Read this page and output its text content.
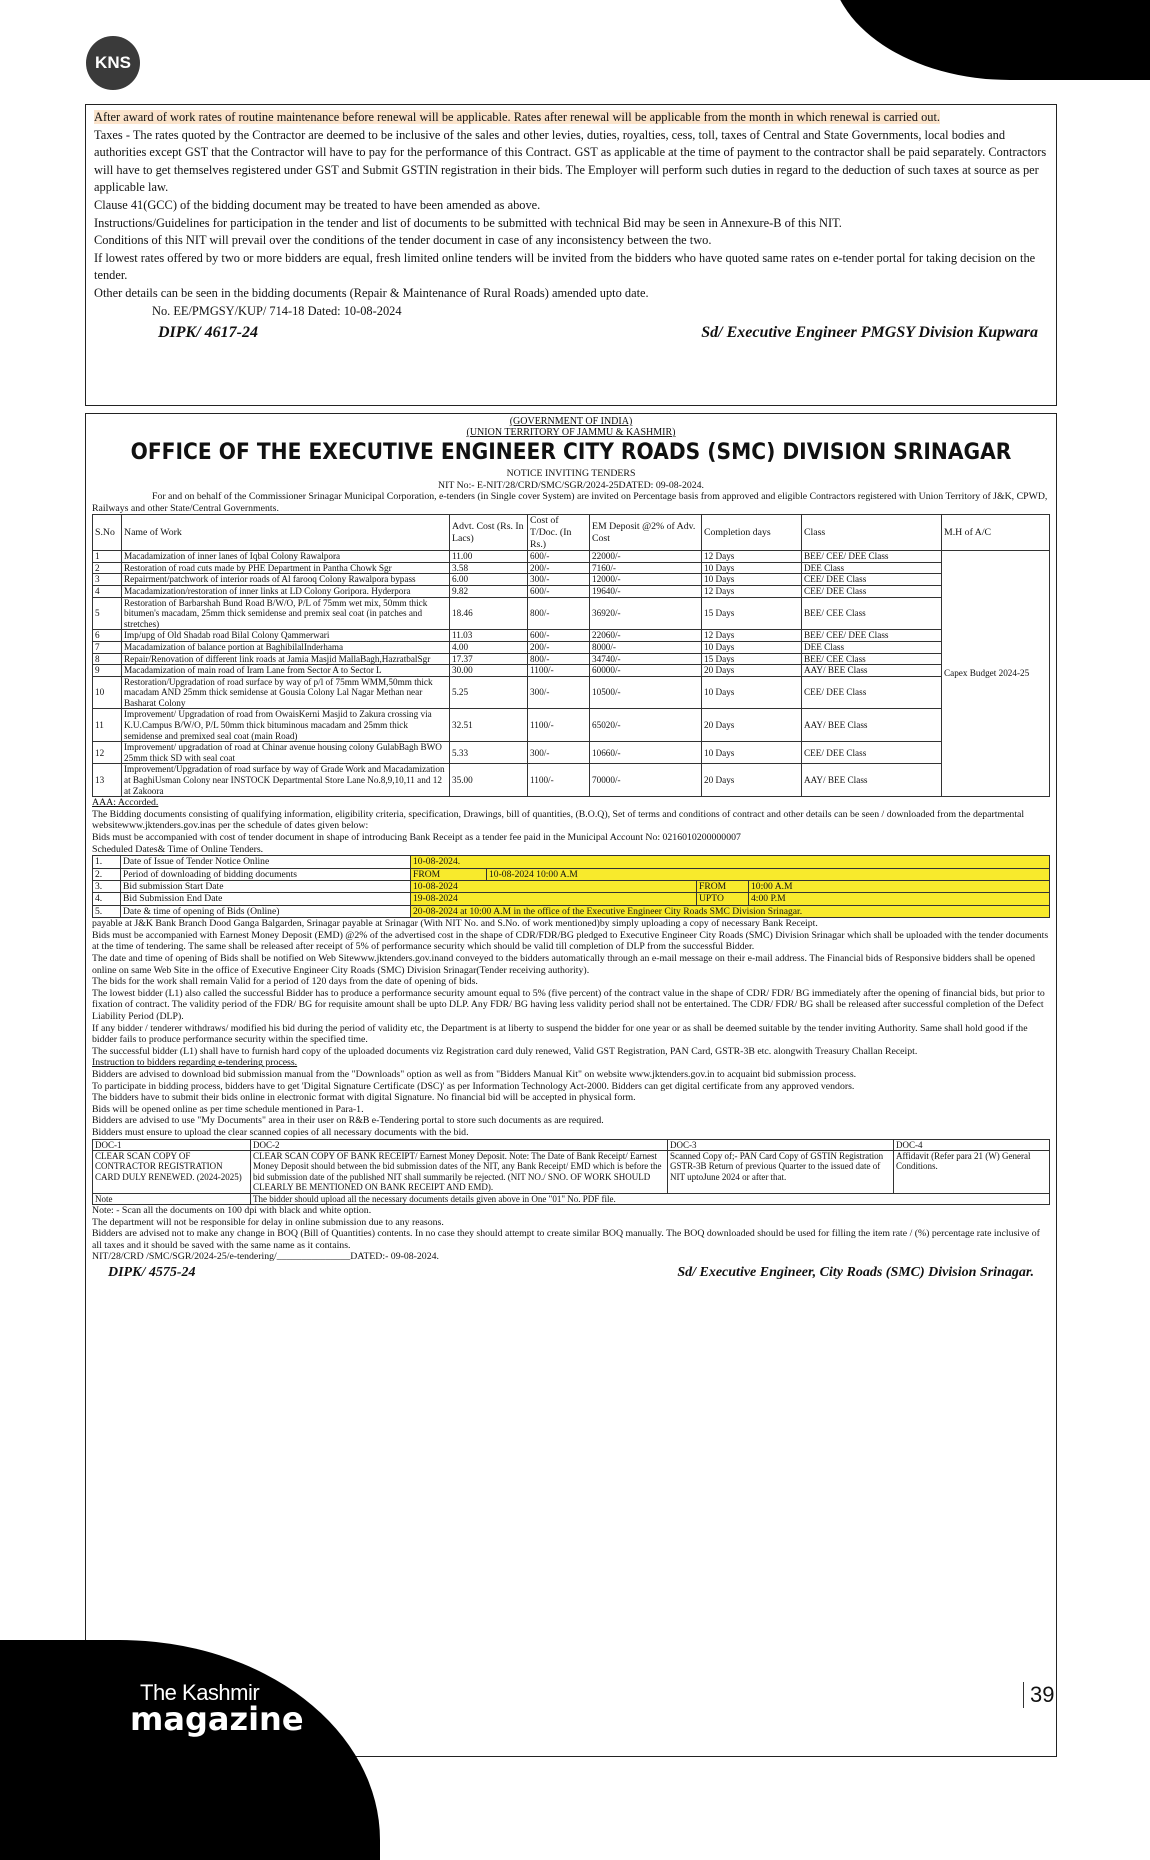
KNS

After award of work rates of routine maintenance before renewal will be applicable. Rates after renewal will be applicable from the month in which renewal is carried out.

Taxes - The rates quoted by the Contractor are deemed to be inclusive of the sales and other levies, duties, royalties, cess, toll, taxes of Central and State Governments, local bodies and authorities except GST that the Contractor will have to pay for the performance of this Contract. GST as applicable at the time of payment to the contractor shall be paid separately. Contractors will have to get themselves registered under GST and Submit GSTIN registration in their bids. The Employer will perform such duties in regard to the deduction of such taxes at source as per applicable law.

Clause 41(GCC) of the bidding document may be treated to have been amended as above.

Instructions/Guidelines for participation in the tender and list of documents to be submitted with technical Bid may be seen in Annexure-B of this NIT.

Conditions of this NIT will prevail over the conditions of the tender document in case of any inconsistency between the two.

If lowest rates offered by two or more bidders are equal, fresh limited online tenders will be invited from the bidders who have quoted same rates on e-tender portal for taking decision on the tender.

Other details can be seen in the bidding documents (Repair & Maintenance of Rural Roads) amended upto date.

No. EE/PMGSY/KUP/ 714-18 Dated: 10-08-2024

DIPK/ 4617-24	Sd/ Executive Engineer PMGSY Division Kupwara
(GOVERNMENT OF INDIA)
(UNION TERRITORY OF JAMMU & KASHMIR)
OFFICE OF THE EXECUTIVE ENGINEER CITY ROADS (SMC) DIVISION SRINAGAR
NOTICE INVITING TENDERS
NIT No:- E-NIT/28/CRD/SMC/SGR/2024-25DATED: 09-08-2024.

For and on behalf of the Commissioner Srinagar Municipal Corporation, e-tenders (in Single cover System) are invited on Percentage basis from approved and eligible Contractors registered with Union Territory of J&K, CPWD, Railways and other State/Central Governments.

S.No	Name of Work	Advt. Cost (Rs. In Lacs)	Cost of T/Doc. (In Rs.)	EM Deposit @2% of Adv. Cost	Completion days	Class	M.H of A/C
1	Macadamization of inner lanes of Iqbal Colony Rawalpora	11.00	600/-	22000/-	12 Days	BEE/ CEE/ DEE Class	Capex Budget 2024-25
2	Restoration of road cuts made by PHE Department in Pantha Chowk Sgr	3.58	200/-	7160/-	10 Days	DEE Class	
3	Repairment/patchwork of interior roads of Al farooq Colony Rawalpora bypass	6.00	300/-	12000/-	10 Days	CEE/ DEE Class	
4	Macadamization/restoration of inner links at LD Colony Goripora. Hyderpora	9.82	600/-	19640/-	12 Days	CEE/ DEE Class	
5	Restoration of Barbarshah Bund Road B/W/O, P/L of 75mm wet mix, 50mm thick bitumen's macadam, 25mm thick semidense and premix seal coat (in patches and stretches)	18.46	800/-	36920/-	15 Days	BEE/ CEE Class	
6	Imp/upg of Old Shadab road Bilal Colony Qammerwari	11.03	600/-	22060/-	12 Days	BEE/ CEE/ DEE Class	
7	Macadamization of balance portion at BaghibilalInderhama	4.00	200/-	8000/-	10 Days	DEE Class	
8	Repair/Renovation of different link roads at Jamia Masjid MallaBagh,HazratbalSgr	17.37	800/-	34740/-	15 Days	BEE/ CEE Class	
9	Macadamization of main road of Iram Lane from Sector A to Sector L	30.00	1100/-	60000/-	20 Days	AAY/ BEE Class	
10	Restoration/Upgradation of road surface by way of p/l of 75mm WMM,50mm thick macadam AND 25mm thick semidense at Gousia Colony Lal Nagar Methan near Basharat Colony	5.25	300/-	10500/-	10 Days	CEE/ DEE Class	
11	Improvement/ Upgradation of road from OwaisKerni Masjid to Zakura crossing via K.U.Campus B/W/O, P/L 50mm thick bituminous macadam and 25mm thick semidense and premixed seal coat (main Road)	32.51	1100/-	65020/-	20 Days	AAY/ BEE Class	
12	Improvement/ upgradation of road at Chinar avenue housing colony GulabBagh BWO 25mm thick SD with seal coat	5.33	300/-	10660/-	10 Days	CEE/ DEE Class	
13	Improvement/Upgradation of road surface by way of Grade Work and Macadamization at BaghiUsman Colony near INSTOCK Departmental Store Lane No.8,9,10,11 and 12 at Zakoora	35.00	1100/-	70000/-	20 Days	AAY/ BEE Class	

AAA: Accorded.

The Bidding documents consisting of qualifying information, eligibility criteria, specification, Drawings, bill of quantities, (B.O.Q), Set of terms and conditions of contract and other details can be seen / downloaded from the departmental websitewww.jktenders.gov.inas per the schedule of dates given below:

Bids must be accompanied with cost of tender document in shape of introducing Bank Receipt as a tender fee paid in the Municipal Account No: 0216010200000007

Scheduled Dates& Time of Online Tenders.

1.	Date of Issue of Tender Notice Online	10-08-2024.			
2.	Period of downloading of bidding documents	FROM	10-08-2024 10:00 A.M		
3.	Bid submission Start Date	10-08-2024		FROM	10:00 A.M
4.	Bid Submission End Date	19-08-2024		UPTO	4:00 P.M
5.	Date & time of opening of Bids (Online)	20-08-2024 at 10:00 A.M in the office of the Executive Engineer City Roads SMC Division Srinagar.			

payable at J&K Bank Branch Dood Ganga Balgarden, Srinagar payable at Srinagar (With NIT No. and S.No. of work mentioned)by simply uploading a copy of necessary Bank Receipt.

Bids must be accompanied with Earnest Money Deposit (EMD) @2% of the advertised cost in the shape of CDR/FDR/BG pledged to Executive Engineer City Roads (SMC) Division Srinagar which shall be uploaded with the tender documents at the time of tendering. The same shall be released after receipt of 5% of performance security which should be valid till completion of DLP from the successful Bidder.

The date and time of opening of Bids shall be notified on Web Sitewww.jktenders.gov.inand conveyed to the bidders automatically through an e-mail message on their e-mail address. The Financial bids of Responsive bidders shall be opened online on same Web Site in the office of Executive Engineer City Roads (SMC) Division Srinagar(Tender receiving authority).

The bids for the work shall remain Valid for a period of 120 days from the date of opening of bids.

The lowest bidder (L1) also called the successful Bidder has to produce a performance security amount equal to 5% (five percent) of the contract value in the shape of CDR/ FDR/ BG immediately after the opening of financial bids, but prior to fixation of contract. The validity period of the FDR/ BG for requisite amount shall be upto DLP. Any FDR/ BG having less validity period shall not be entertained. The CDR/ FDR/ BG shall be released after successful completion of the Defect Liability Period (DLP).

If any bidder / tenderer withdraws/ modified his bid during the period of validity etc, the Department is at liberty to suspend the bidder for one year or as shall be deemed suitable by the tender inviting Authority. Same shall hold good if the bidder fails to produce performance security within the specified time.

The successful bidder (L1) shall have to furnish hard copy of the uploaded documents viz Registration card duly renewed, Valid GST Registration, PAN Card, GSTR-3B etc. alongwith Treasury Challan Receipt.

Instruction to bidders regarding e-tendering process.

Bidders are advised to download bid submission manual from the "Downloads" option as well as from "Bidders Manual Kit" on website www.jktenders.gov.in to acquaint bid submission process.

To participate in bidding process, bidders have to get 'Digital Signature Certificate (DSC)' as per Information Technology Act-2000. Bidders can get digital certificate from any approved vendors.

The bidders have to submit their bids online in electronic format with digital Signature. No financial bid will be accepted in physical form.

Bids will be opened online as per time schedule mentioned in Para-1.

Bidders are advised to use "My Documents" area in their user on R&B e-Tendering portal to store such documents as are required.

Bidders must ensure to upload the clear scanned copies of all necessary documents with the bid.

DOC-1	DOC-2	DOC-3	DOC-4
CLEAR SCAN COPY OF CONTRACTOR REGISTRATION CARD DULY RENEWED. (2024-2025)	CLEAR SCAN COPY OF BANK RECEIPT/ Earnest Money Deposit. Note: The Date of Bank Receipt/ Earnest Money Deposit should between the bid submission dates of the NIT, any Bank Receipt/ EMD which is before the bid submission date of the published NIT shall summarily be rejected. (NIT NO./ SNO. OF WORK SHOULD CLEARLY BE MENTIONED ON BANK RECEIPT AND EMD).	Scanned Copy of;- PAN Card Copy of GSTIN Registration GSTR-3B Return of previous Quarter to the issued date of NIT uptoJune 2024 or after that.	Affidavit (Refer para 21 (W) General Conditions.
Note	The bidder should upload all the necessary documents details given above in One "01" No. PDF file.		

Note: - Scan all the documents on 100 dpi with black and white option.

The department will not be responsible for delay in online submission due to any reasons.

Bidders are advised not to make any change in BOQ (Bill of Quantities) contents. In no case they should attempt to create similar BOQ manually. The BOQ downloaded should be used for filling the item rate / (%) percentage rate inclusive of all taxes and it should be saved with the same name as it contains.

NIT/28/CRD /SMC/SGR/2024-25/e-tendering/_______________DATED:- 09-08-2024.

DIPK/ 4575-24	Sd/ Executive Engineer, City Roads (SMC) Division Srinagar.
The Kashmir
magazine
39
